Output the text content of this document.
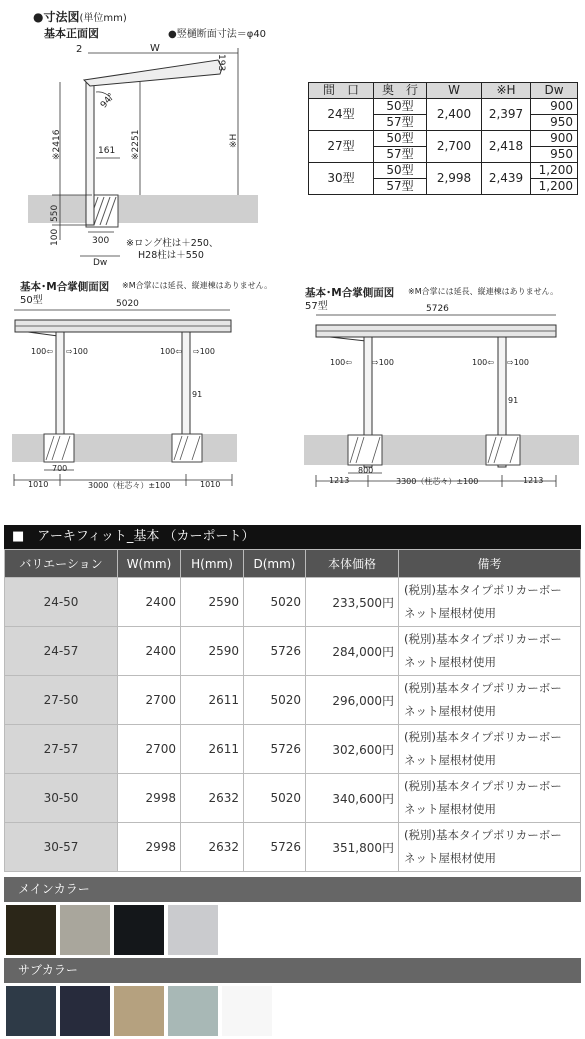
●寸法図(単位mm)
基本正面図	●竪樋断面寸法＝φ40
2	W
193
94°
※2416	※2251
161
※H
550
100	300
Dw
※ロング柱は＋250、
H28柱は＋550
間　口	奥　行	W	※H	Dw
24型	50型	2,400	2,397	900
	57型			950
27型	50型	2,700	2,418	900
	57型			950
30型	50型	2,998	2,439	1,200
	57型			1,200
基本･M合掌側面図 ※M合掌には延長、縦連棟はありません。
50型	5020
100⇦ ⇨100	100⇦ ⇨100
91
700
1010	3000（柱芯々）±100	1010
基本･M合掌側面図 ※M合掌には延長、縦連棟はありません。
57型	5726
100⇦	⇨100	100⇦ ⇨100
91
800
1213	3300（柱芯々）±100	1213
■　アーキフィット_基本 （カーポート）
バリエーション	W(mm)	H(mm)	D(mm)	本体価格	備考
24-50	2400	2590	5020	233,500円	(税別)基本タイプポリカーボー
ネット屋根材使用

24-57	2400	2590	5726	284,000円	(税別)基本タイプポリカーボー
ネット屋根材使用

27-50	2700	2611	5020	296,000円	(税別)基本タイプポリカーボー
ネット屋根材使用

27-57	2700	2611	5726	302,600円	(税別)基本タイプポリカーボー
ネット屋根材使用

30-50	2998	2632	5020	340,600円	(税別)基本タイプポリカーボー
ネット屋根材使用

30-57	2998	2632	5726	351,800円	(税別)基本タイプポリカーボー
ネット屋根材使用
メインカラー
サブカラー
